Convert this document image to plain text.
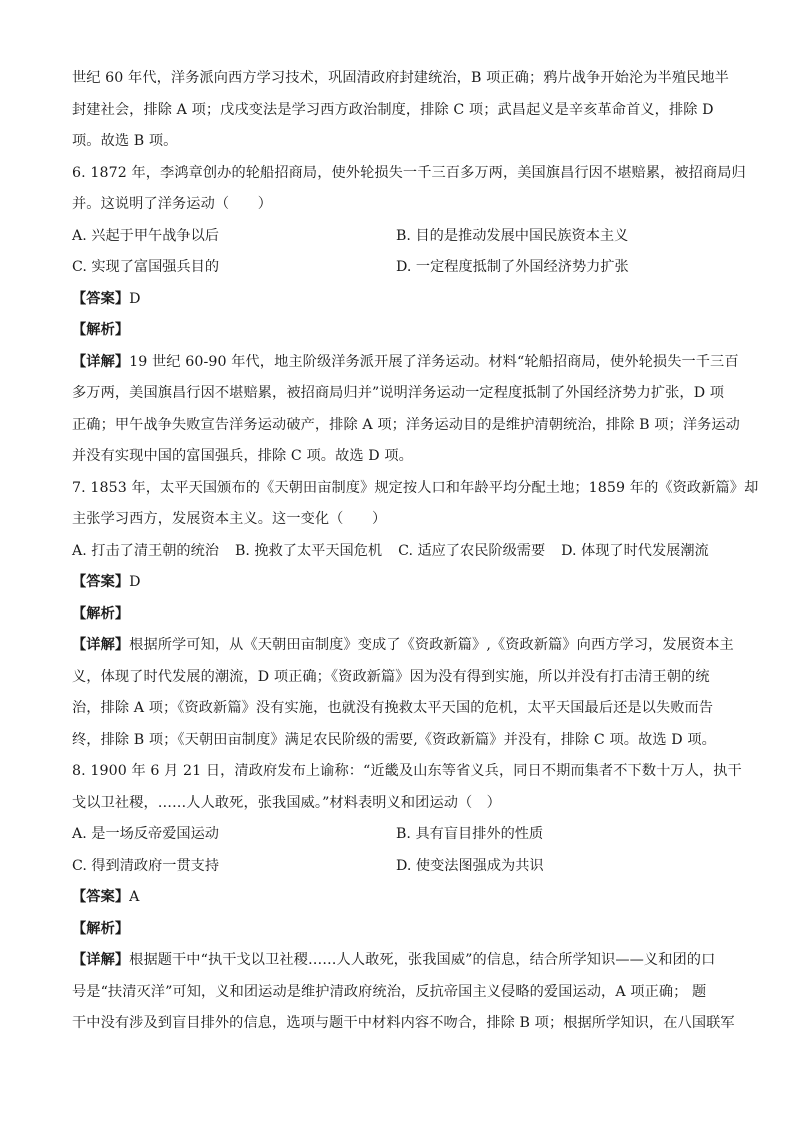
世纪 60 年代，洋务派向西方学习技术，巩固清政府封建统治，B 项正确；鸦片战争开始沦为半殖民地半

封建社会，排除 A 项；戊戌变法是学习西方政治制度，排除 C 项；武昌起义是辛亥革命首义，排除 D

项。故选 B 项。

6. 1872 年，李鸿章创办的轮船招商局，使外轮损失一千三百多万两，美国旗昌行因不堪赔累，被招商局归

并。这说明了洋务运动（　　）

A. 兴起于甲午战争以后	B. 目的是推动发展中国民族资本主义
C. 实现了富国强兵目的	D. 一定程度抵制了外国经济势力扩张

【答案】D

【解析】

【详解】19 世纪 60-90 年代，地主阶级洋务派开展了洋务运动。材料“轮船招商局，使外轮损失一千三百

多万两，美国旗昌行因不堪赔累，被招商局归并”说明洋务运动一定程度抵制了外国经济势力扩张，D 项

正确；甲午战争失败宣告洋务运动破产，排除 A 项；洋务运动目的是维护清朝统治，排除 B 项；洋务运动

并没有实现中国的富国强兵，排除 C 项。故选 D 项。

7. 1853 年，太平天国颁布的《天朝田亩制度》规定按人口和年龄平均分配土地；1859 年的《资政新篇》却

主张学习西方，发展资本主义。这一变化（　　）

A. 打击了清王朝的统治 B. 挽救了太平天国危机 C. 适应了农民阶级需要 D. 体现了时代发展潮流

【答案】D

【解析】

【详解】根据所学可知，从《天朝田亩制度》变成了《资政新篇》,《资政新篇》向西方学习，发展资本主

义，体现了时代发展的潮流，D 项正确；《资政新篇》因为没有得到实施，所以并没有打击清王朝的统

治，排除 A 项；《资政新篇》没有实施，也就没有挽救太平天国的危机，太平天国最后还是以失败而告

终，排除 B 项；《天朝田亩制度》满足农民阶级的需要,《资政新篇》并没有，排除 C 项。故选 D 项。

8. 1900 年 6 月 21 日，清政府发布上谕称：“近畿及山东等省义兵，同日不期而集者不下数十万人，执干

戈以卫社稷，……人人敢死，张我国威。”材料表明义和团运动（　）

A. 是一场反帝爱国运动	B. 具有盲目排外的性质
C. 得到清政府一贯支持	D. 使变法图强成为共识

【答案】A

【解析】

【详解】根据题干中“执干戈以卫社稷……人人敢死，张我国威”的信息，结合所学知识——义和团的口

号是“扶清灭洋”可知，义和团运动是维护清政府统治，反抗帝国主义侵略的爱国运动，A 项正确； 题

干中没有涉及到盲目排外的信息，选项与题干中材料内容不吻合，排除 B 项；根据所学知识，在八国联军
